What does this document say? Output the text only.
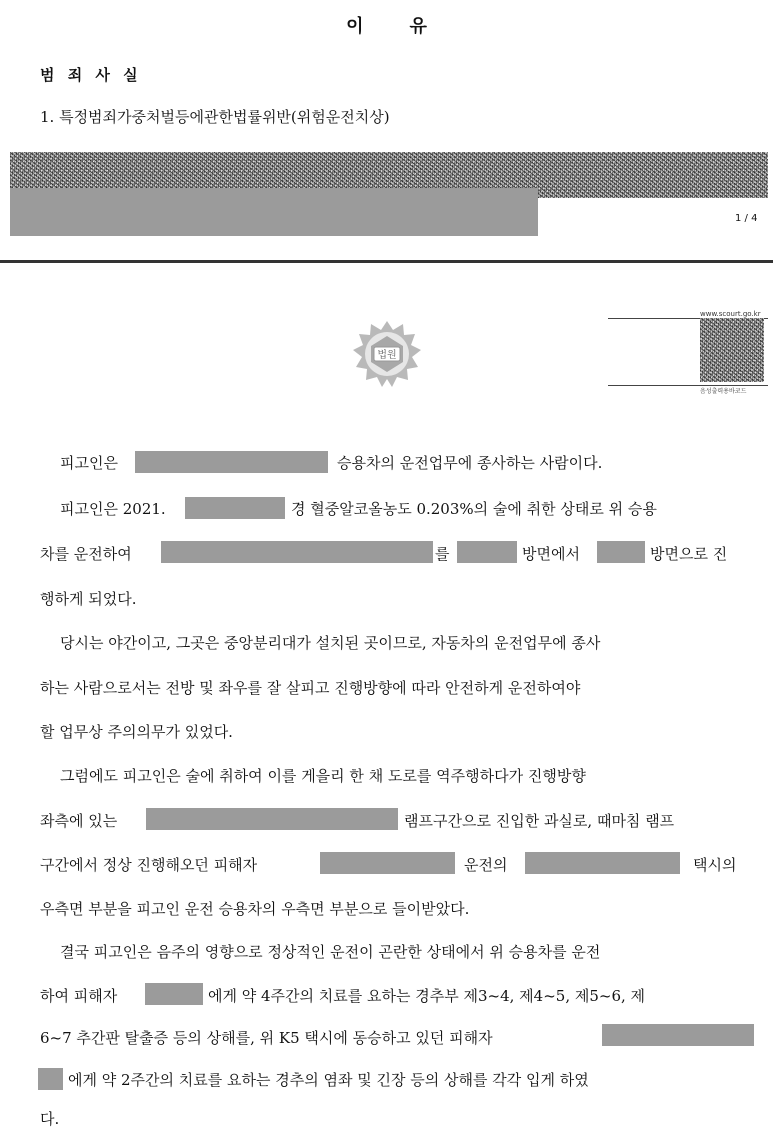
이	유
범 죄 사 실
1. 특정범죄가중처벌등에관한법률위반(위험운전치상)
1 / 4
법원
www.scourt.go.kr
음성출력용바코드
피고인은	승용차의 운전업무에 종사하는 사람이다.
피고인은 2021.	경 혈중알코올농도 0.203%의 술에 취한 상태로 위 승용
차를 운전하여	를	방면에서	방면으로 진
행하게 되었다.
당시는 야간이고, 그곳은 중앙분리대가 설치된 곳이므로, 자동차의 운전업무에 종사
하는 사람으로서는 전방 및 좌우를 잘 살피고 진행방향에 따라 안전하게 운전하여야
할 업무상 주의의무가 있었다.
그럼에도 피고인은 술에 취하여 이를 게을리 한 채 도로를 역주행하다가 진행방향
좌측에 있는	램프구간으로 진입한 과실로, 때마침 램프
구간에서 정상 진행해오던 피해자	운전의	택시의
우측면 부분을 피고인 운전 승용차의 우측면 부분으로 들이받았다.
결국 피고인은 음주의 영향으로 정상적인 운전이 곤란한 상태에서 위 승용차를 운전
하여 피해자	에게 약 4주간의 치료를 요하는 경추부 제3~4, 제4~5, 제5~6, 제
6~7 추간판 탈출증 등의 상해를, 위 K5 택시에 동승하고 있던 피해자
에게 약 2주간의 치료를 요하는 경추의 염좌 및 긴장 등의 상해를 각각 입게 하였
다.
